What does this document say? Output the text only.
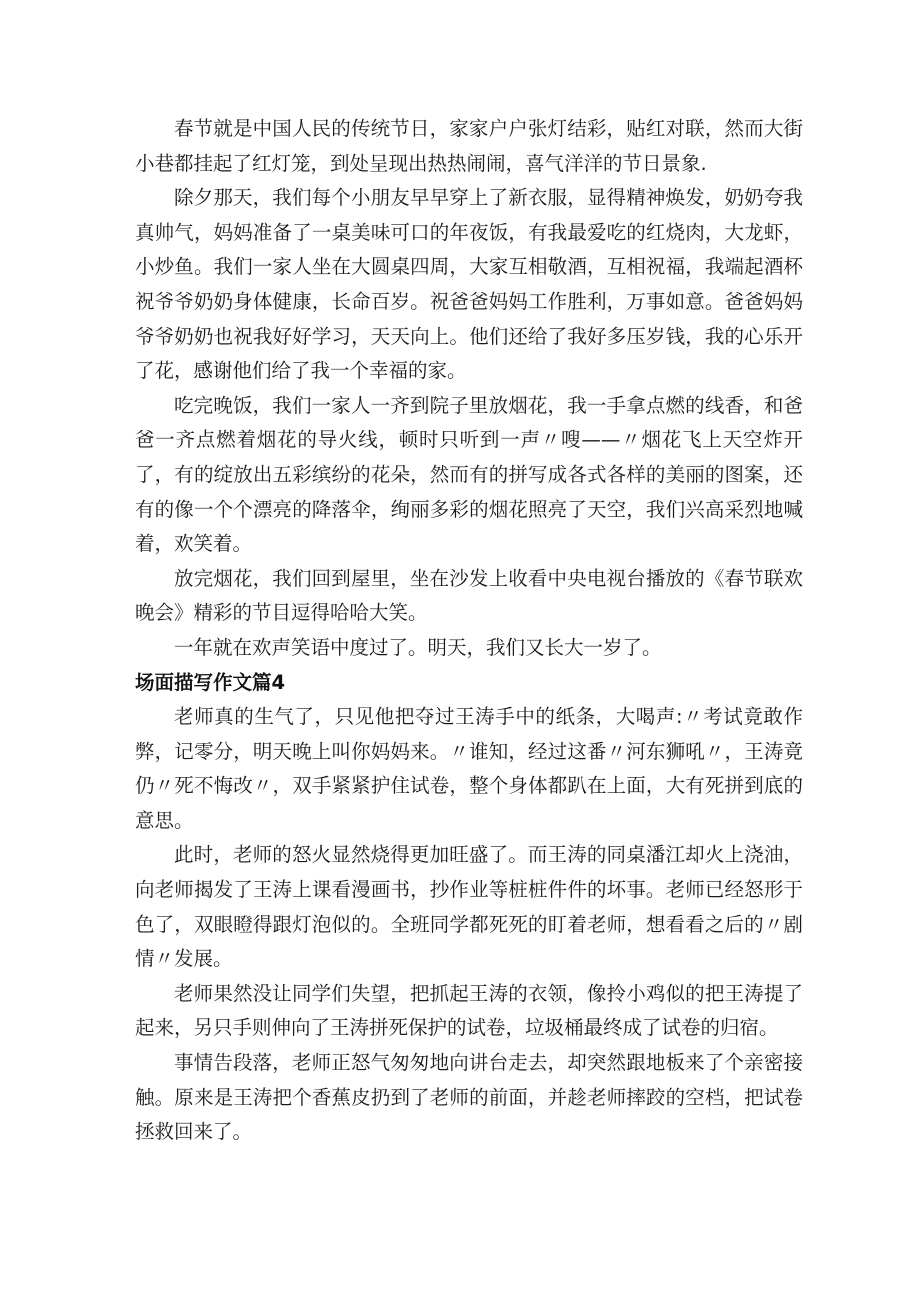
春节就是中国人民的传统节日，家家户户张灯结彩，贴红对联，然而大街小巷都挂起了红灯笼，到处呈现出热热闹闹，喜气洋洋的节日景象.

除夕那天，我们每个小朋友早早穿上了新衣服，显得精神焕发，奶奶夸我真帅气，妈妈准备了一桌美味可口的年夜饭，有我最爱吃的红烧肉，大龙虾，小炒鱼。我们一家人坐在大圆桌四周，大家互相敬酒，互相祝福，我端起酒杯祝爷爷奶奶身体健康，长命百岁。祝爸爸妈妈工作胜利，万事如意。爸爸妈妈爷爷奶奶也祝我好好学习，天天向上。他们还给了我好多压岁钱，我的心乐开了花，感谢他们给了我一个幸福的家。

吃完晚饭，我们一家人一齐到院子里放烟花，我一手拿点燃的线香，和爸爸一齐点燃着烟花的导火线，顿时只听到一声〃嗖——〃烟花飞上天空炸开了，有的绽放出五彩缤纷的花朵，然而有的拼写成各式各样的美丽的图案，还有的像一个个漂亮的降落伞，绚丽多彩的烟花照亮了天空，我们兴高采烈地喊着，欢笑着。

放完烟花，我们回到屋里，坐在沙发上收看中央电视台播放的《春节联欢晚会》精彩的节目逗得哈哈大笑。

一年就在欢声笑语中度过了。明天，我们又长大一岁了。

场面描写作文篇4

老师真的生气了，只见他把夺过王涛手中的纸条，大喝声:〃考试竟敢作弊，记零分，明天晚上叫你妈妈来。〃谁知，经过这番〃河东狮吼〃，王涛竟仍〃死不悔改〃，双手紧紧护住试卷，整个身体都趴在上面，大有死拼到底的意思。

此时，老师的怒火显然烧得更加旺盛了。而王涛的同桌潘江却火上浇油，向老师揭发了王涛上课看漫画书，抄作业等桩桩件件的坏事。老师已经怒形于色了，双眼瞪得跟灯泡似的。全班同学都死死的盯着老师，想看看之后的〃剧情〃发展。

老师果然没让同学们失望，把抓起王涛的衣领，像拎小鸡似的把王涛提了起来，另只手则伸向了王涛拼死保护的试卷，垃圾桶最终成了试卷的归宿。

事情告段落，老师正怒气匆匆地向讲台走去，却突然跟地板来了个亲密接触。原来是王涛把个香蕉皮扔到了老师的前面，并趁老师摔跤的空档，把试卷拯救回来了。
